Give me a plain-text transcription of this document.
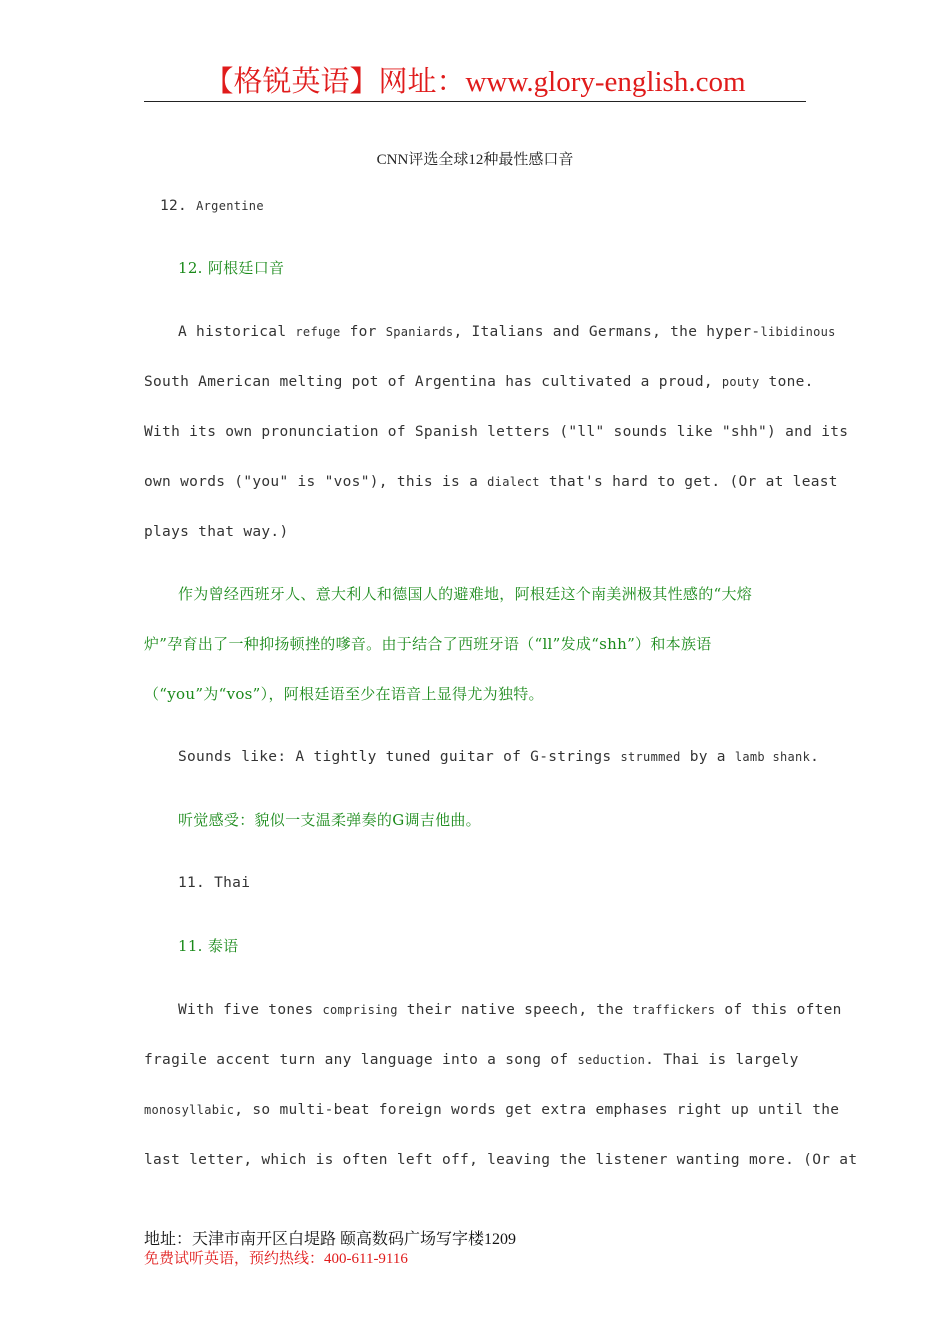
【格锐英语】网址：www.glory-english.com
CNN评选全球12种最性感口音
12. Argentine
12. 阿根廷口音
A historical refuge for Spaniards, Italians and Germans, the hyper-libidinous
South American melting pot of Argentina has cultivated a proud, pouty tone.
With its own pronunciation of Spanish letters ("ll" sounds like "shh") and its
own words ("you" is "vos"), this is a dialect that's hard to get. (Or at least
plays that way.)
作为曾经西班牙人、意大利人和德国人的避难地，阿根廷这个南美洲极其性感的“大熔
炉”孕育出了一种抑扬顿挫的嗲音。由于结合了西班牙语（“ll”发成“shh”）和本族语
（“you”为“vos”），阿根廷语至少在语音上显得尤为独特。
Sounds like: A tightly tuned guitar of G-strings strummed by a lamb shank.
听觉感受：貌似一支温柔弹奏的G调吉他曲。
11. Thai
11. 泰语
With five tones comprising their native speech, the traffickers of this often
fragile accent turn any language into a song of seduction. Thai is largely
monosyllabic, so multi-beat foreign words get extra emphases right up until the
last letter, which is often left off, leaving the listener wanting more. (Or at
地址：天津市南开区白堤路 颐高数码广场写字楼1209
免费试听英语，预约热线：400-611-9116
